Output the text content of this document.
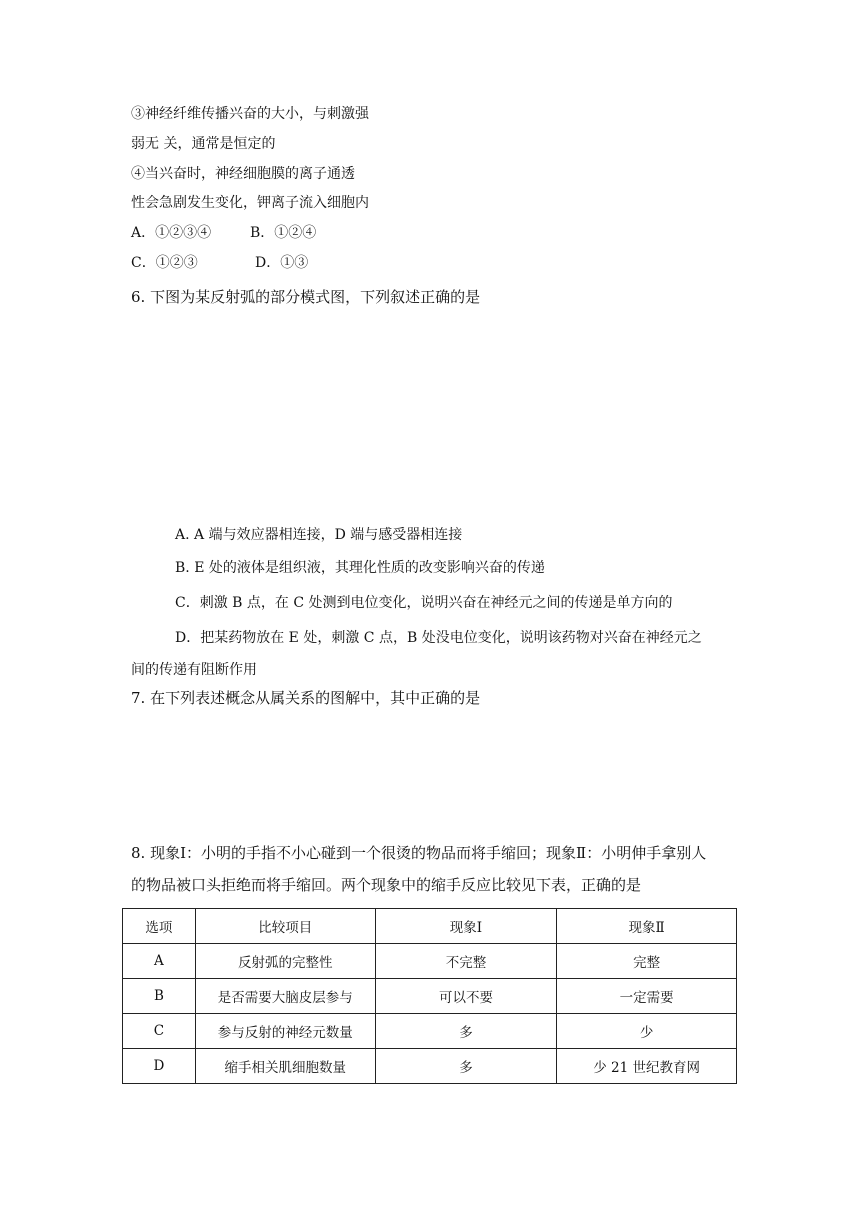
③神经纤维传播兴奋的大小，与刺激强
弱无 关，通常是恒定的
④当兴奋时，神经细胞膜的离子通透
性会急剧发生变化，钾离子流入细胞内
A．①②③④	B．①②④
C．①②③	D．①③
6. 下图为某反射弧的部分模式图，下列叙述正确的是
A. A 端与效应器相连接，D 端与感受器相连接
B. E 处的液体是组织液，其理化性质的改变影响兴奋的传递
C．刺激 B 点，在 C 处测到电位变化，说明兴奋在神经元之间的传递是单方向的
D．把某药物放在 E 处，刺激 C 点，B 处没电位变化，说明该药物对兴奋在神经元之
间的传递有阻断作用
7. 在下列表述概念从属关系的图解中，其中正确的是
8. 现象Ⅰ：小明的手指不小心碰到一个很烫的物品而将手缩回；现象Ⅱ：小明伸手拿别人
的物品被口头拒绝而将手缩回。两个现象中的缩手反应比较见下表，正确的是
选项	比较项目	现象Ⅰ	现象Ⅱ
A	反射弧的完整性	不完整	完整
B	是否需要大脑皮层参与	可以不要	一定需要
C	参与反射的神经元数量	多	少
D	缩手相关肌细胞数量	多	少 21 世纪教育网
